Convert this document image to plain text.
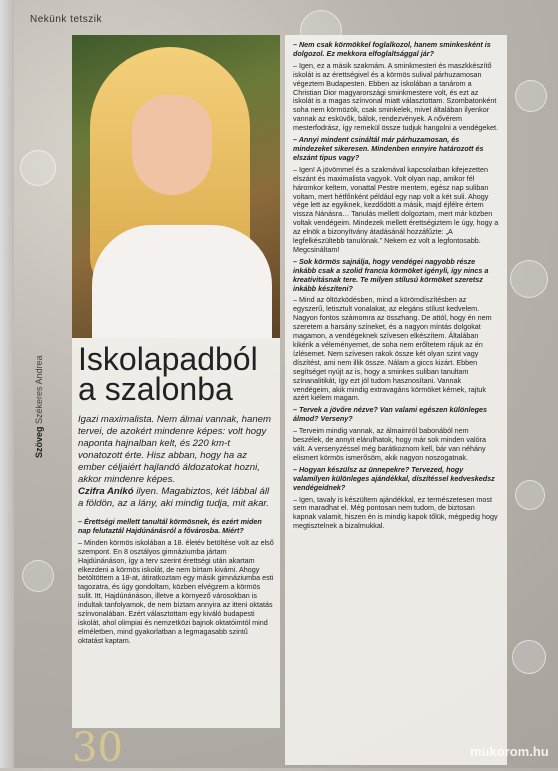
Nekünk tetszik
Szöveg Székeres Andrea Iskolapadból
a szalonba
Igazi maximalista. Nem álmai vannak, hanem tervei, de azokért mindenre képes: volt hogy naponta hajnalban kelt, és 220 km-t vonatozott érte. Hisz abban, hogy ha az ember céljaiért hajlandó áldozatokat hozni, akkor mindenre képes.
Czifra Anikó ilyen. Magabiztos, két lábbal áll a földön, az a lány, aki mindig tudja, mit akar.

– Érettségi mellett tanultál körmösnek, és ezért miden nap felutaztál Hajdúnánásról a fővárosba. Miért?

– Minden körmös iskolában a 18. életév betöltése volt az első szempont. En 8 osztályos gimnáziumba jártam Hajdúnánáson, így a terv szerint érettségi után akartam elkezdeni a körmös iskolát, de nem bírtam kivárni. Ahogy betöltöttem a 18-at, átiratkoztam egy másik gimnáziumba esti tagozatra, és úgy gondoltam, közben elvégzem a körmös sulit. Itt, Hajdúnánáson, illetve a környező városokban is indultak tanfolyamok, de nem bíztam annyira az itteni oktatás színvonalában. Ezért választottam egy kiváló budapesti iskolát, ahol olimpiai és nemzetközi bajnok oktatóimtól mind elméletben, mind gyakorlatban a legmagasabb szintű oktatást kaptam.

– Nem csak körmökkel foglalkozol, hanem sminkesként is dolgozol. Ez mekkora elfoglaltsággal jár?

– Igen, ez a másik szakmám. A sminkmesteri és maszkkészítő iskolát is az érettségivel és a körmös sulival párhuzamosan végeztem Budapesten. Ebben az iskolában a tanárom a Christian Dior magyarországi sminkmestere volt, és ezt az iskolát is a magas színvonal miatt választottam. Szombatonként soha nem körmözök, csak sminkelek, mivel általában ilyenkor vannak az esküvők, bálok, rendezvények. A nővérem mesterfodrász, így remekül össze tudjuk hangolni a vendégeket.

– Annyi mindent csináltál már párhuzamosan, és mindezeket sikeresen. Mindenben ennyire határozott és elszánt tipus vagy?

– Igen! A jövömmel és a szakmával kapcsolatban kifejezetten elszánt és maximalista vagyok. Volt olyan nap, amikor fél háromkor keltem, vonattal Pestre mentem, egész nap suliban voltam, mert hétfőnként például egy nap volt a két suli. Ahogy vége lett az egyiknek, kezdődött a másik, majd éjfélre értem vissza Nánásra… Tanulás mellett dolgoztam, mert már közben voltak vendégeim. Mindezek mellett érettségiztem le úgy, hogy a az elnök a bizonyítvány átadásánál hozzáfűzte: „A legfelkészültebb tanulónak.” Nekem ez volt a legfontosabb. Megcsináltam!

– Sok körmös sajnálja, hogy vendégei nagyobb része inkább csak a szolid francia körmöket igényli, így nincs a kreativitásnak tere. Te milyen stílusú körmöket szeretsz inkább készíteni?

– Mind az öltözködésben, mind a körömdíszítésben az egyszerű, letisztult vonalakat, az elegáns stílust kedvelem. Nagyon fontos számomra az összhang. De attól, hogy én nem szeretem a harsány színeket, és a nagyon míntás dolgokat magamon, a vendégeknek szívesen elkészítem. Általában kikérik a véleményemet, de soha nem erőltetem rájuk az én ízlésemet. Nem szívesen rakok össze két olyan szint vagy díszítést, ami nem illik össze. Nálam a giccs kizárt. Ebben segítséget nyújt az is, hogy a sminkes suliban tanultam színanalitikát, így ezt jól tudom hasznosítani. Vannak vendégeim, akik mindig extravagáns körmöket kérnek, rajtuk azért kiélem magam.

– Tervek a jövőre nézve? Van valami egészen különleges álmod? Verseny?

– Terveim mindig vannak, az álmaimról babonából nem beszélek, de annyit elárulhatok, hogy már sok minden valóra vált. A versenyzéssel még barátkoznom kell, bár van néhány elismert körmös ismerősöm, akik nagyon noszogatnak.

– Hogyan készülsz az ünnepekre? Tervezed, hogy valamilyen különleges ajándékkal, díszítéssel kedveskedsz vendégeidnek?

– Igen, tavaly is készültem ajándékkal, ez természetesen most sem maradhat el. Még pontosan nem tudom, de biztosan kapnak valamit, hiszen én is mindig kapok tőlük, mégpedig hogy megtisztelnek a bizalmukkal.

30	mukorom.hu
